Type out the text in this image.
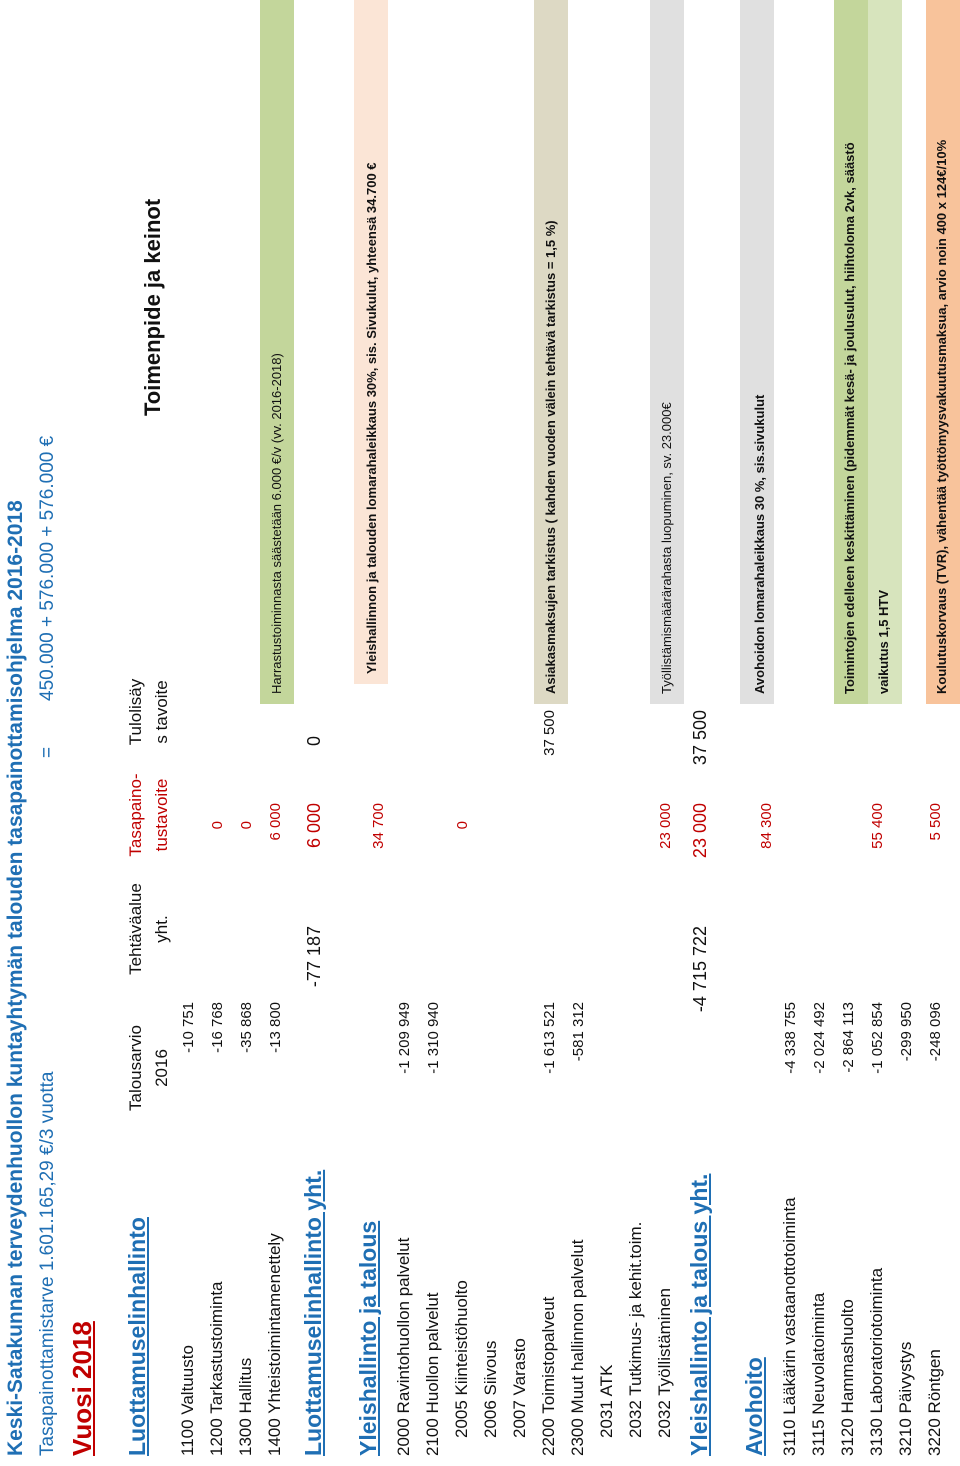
Keski-Satakunnan terveydenhuollon kuntayhtymän talouden tasapainottamisohjelma 2016-2018 Tasapainottamistarve 1.601.165,29 €/3 vuotta
=
450.000 + 576.000 + 576.000 €
Vuosi 2018
Talousarvio 2016
Tehtäväalue yht.
Tasapaino- tustavoite
Tulolisäy s tavoite
Toimenpide ja keinot
Luottamuselinhallinto 1100 Valtuusto
-10 751
1200 Tarkastustoiminta
-16 768
0
1300 Hallitus
-35 868
0
1400 Yhteistoimintamenettely
-13 800
6 000
Harrastustoiminnasta säästetään 6.000 €/v (vv. 2016-2018)
Luottamuselinhallinto yht.
-77 187
6 000
0
Yleishallinto ja talous
34 700
Yleishallinnon ja talouden lomarahaleikkaus 30%, sis. Sivukulut, yhteensä 34.700 €
2000 Ravintohuollon palvelut
-1 209 949
2100 Huollon palvelut
-1 310 940
2005 Kiinteistöhuolto
0
2006 Siivous 2007 Varasto 2200 Toimistopalveut
-1 613 521
37 500
Asiakasmaksujen tarkistus ( kahden vuoden välein tehtävä tarkistus = 1,5 %)
2300 Muut hallinnon palvelut
-581 312
2031 ATK 2032 Tutkimus- ja kehit.toim. 2032 Työllistäminen
23 000
Työllistämismäärärahasta luopuminen, sv. 23.000€
Yleishallinto ja talous yht.
-4 715 722
23 000
37 500
Avohoito
84 300
Avohoidon lomarahaleikkaus 30 %, sis.sivukulut
3110 Lääkärin vastaanottotoiminta
-4 338 755
3115 Neuvolatoiminta
-2 024 492
3120 Hammashuolto
-2 864 113
Toimintojen edelleen keskittäminen (pidemmät kesä- ja joulusulut, hiihtoloma 2vk, säästö
3130 Laboratoriotoiminta
-1 052 854
55 400
vaikutus 1,5 HTV
3210 Päivystys
-299 950
3220 Röntgen
-248 096
5 500
Koulutuskorvaus (TVR), vähentää työttömyysvakuutusmaksua, arvio noin 400 x 124€/10%
